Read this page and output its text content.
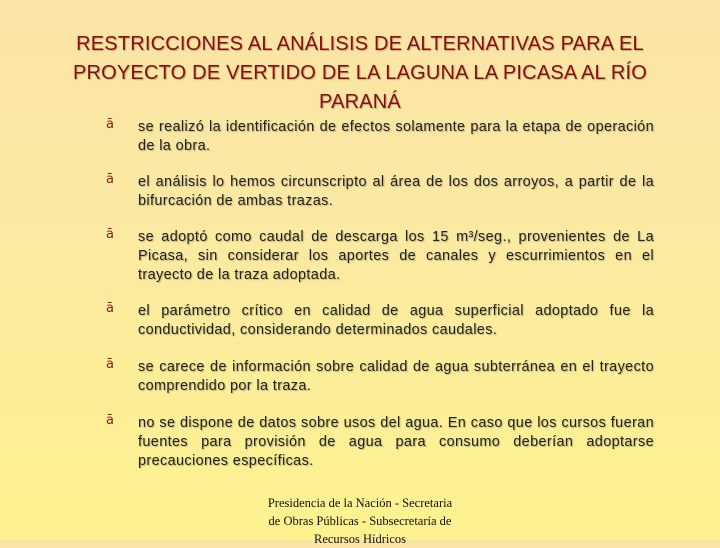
RESTRICCIONES AL ANÁLISIS DE ALTERNATIVAS PARA EL
PROYECTO DE VERTIDO DE LA LAGUNA LA PICASA AL RÍO
PARANÁ
ā	se realizó la identificación de efectos solamente para la etapa de operación de la obra.
ā	el análisis lo hemos circunscripto al área de los dos arroyos, a partir de la bifurcación de ambas trazas.
ā	se adoptó como caudal de descarga los 15 m³/seg., provenientes de La Picasa, sin considerar los aportes de canales y escurrimientos en el trayecto de la traza adoptada.
ā	el parámetro crítico en calidad de agua superficial adoptado fue la conductividad, considerando determinados caudales.
ā	se carece de información sobre calidad de agua subterránea en el trayecto comprendido por la traza.
ā	no se dispone de datos sobre usos del agua. En caso que los cursos fueran fuentes para provisión de agua para consumo deberían adoptarse precauciones específicas.
Presidencia de la Nación - Secretaria
de Obras Públicas - Subsecretaría de
Recursos Hídricos
